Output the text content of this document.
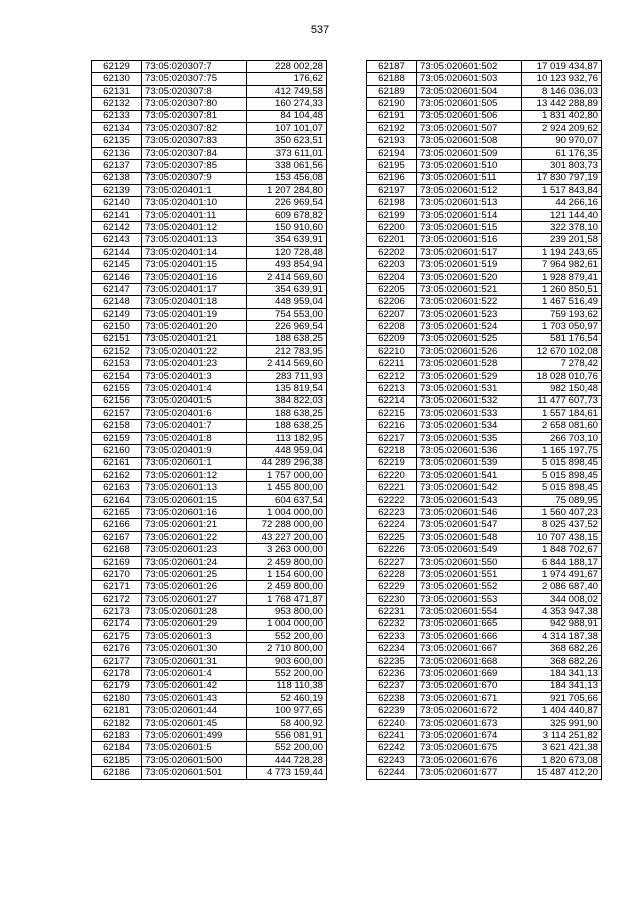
537
62129	73:05:020307:7	228 002,28
62130	73:05:020307:75	176,62
62131	73:05:020307:8	412 749,58
62132	73:05:020307:80	160 274,33
62133	73:05:020307:81	84 104,48
62134	73:05:020307:82	107 101,07
62135	73:05:020307:83	350 623,51
62136	73:05:020307:84	373 611,01
62137	73:05:020307:85	338 061,56
62138	73:05:020307:9	153 456,08
62139	73:05:020401:1	1 207 284,80
62140	73:05:020401:10	226 969,54
62141	73:05:020401:11	609 678,82
62142	73:05:020401:12	150 910,60
62143	73:05:020401:13	354 639,91
62144	73:05:020401:14	120 728,48
62145	73:05:020401:15	493 854,94
62146	73:05:020401:16	2 414 569,60
62147	73:05:020401:17	354 639,91
62148	73:05:020401:18	448 959,04
62149	73:05:020401:19	754 553,00
62150	73:05:020401:20	226 969,54
62151	73:05:020401:21	188 638,25
62152	73:05:020401:22	212 783,95
62153	73:05:020401:23	2 414 569,60
62154	73:05:020401:3	283 711,93
62155	73:05:020401:4	135 819,54
62156	73:05:020401:5	384 822,03
62157	73:05:020401:6	188 638,25
62158	73:05:020401:7	188 638,25
62159	73:05:020401:8	113 182,95
62160	73:05:020401:9	448 959,04
62161	73:05:020601:1	44 289 296,38
62162	73:05:020601:12	1 757 000,00
62163	73:05:020601:13	1 455 800,00
62164	73:05:020601:15	604 637,54
62165	73:05:020601:16	1 004 000,00
62166	73:05:020601:21	72 288 000,00
62167	73:05:020601:22	43 227 200,00
62168	73:05:020601:23	3 263 000,00
62169	73:05:020601:24	2 459 800,00
62170	73:05:020601:25	1 154 600,00
62171	73:05:020601:26	2 459 800,00
62172	73:05:020601:27	1 768 471,87
62173	73:05:020601:28	953 800,00
62174	73:05:020601:29	1 004 000,00
62175	73:05:020601:3	552 200,00
62176	73:05:020601:30	2 710 800,00
62177	73:05:020601:31	903 600,00
62178	73:05:020601:4	552 200,00
62179	73:05:020601:42	118 110,38
62180	73:05:020601:43	52 460,19
62181	73:05:020601:44	100 977,65
62182	73:05:020601:45	58 400,92
62183	73:05:020601:499	556 081,91
62184	73:05:020601:5	552 200,00
62185	73:05:020601:500	444 728,28
62186	73:05:020601:501	4 773 159,44
62187	73:05:020601:502	17 019 434,87
62188	73:05:020601:503	10 123 932,76
62189	73:05:020601:504	8 146 036,03
62190	73:05:020601:505	13 442 288,89
62191	73:05:020601:506	1 831 402,80
62192	73:05:020601:507	2 924 209,62
62193	73:05:020601:508	90 970,07
62194	73:05:020601:509	61 176,35
62195	73:05:020601:510	301 803,73
62196	73:05:020601:511	17 830 797,19
62197	73:05:020601:512	1 517 843,84
62198	73:05:020601:513	44 266,16
62199	73:05:020601:514	121 144,40
62200	73:05:020601:515	322 378,10
62201	73:05:020601:516	239 201,58
62202	73:05:020601:517	1 194 243,65
62203	73:05:020601:519	7 964 982,61
62204	73:05:020601:520	1 928 879,41
62205	73:05:020601:521	1 260 850,51
62206	73:05:020601:522	1 467 516,49
62207	73:05:020601:523	759 193,62
62208	73:05:020601:524	1 703 050,97
62209	73:05:020601:525	581 176,54
62210	73:05:020601:526	12 670 102,08
62211	73:05:020601:528	7 278,42
62212	73:05:020601:529	18 028 010,76
62213	73:05:020601:531	982 150,48
62214	73:05:020601:532	11 477 607,73
62215	73:05:020601:533	1 557 184,61
62216	73:05:020601:534	2 658 081,60
62217	73:05:020601:535	266 703,10
62218	73:05:020601:536	1 165 197,75
62219	73:05:020601:539	5 015 898,45
62220	73:05:020601:541	5 015 898,45
62221	73:05:020601:542	5 015 898,45
62222	73:05:020601:543	75 089,95
62223	73:05:020601:546	1 560 407,23
62224	73:05:020601:547	8 025 437,52
62225	73:05:020601:548	10 707 438,15
62226	73:05:020601:549	1 848 702,67
62227	73:05:020601:550	6 844 188,17
62228	73:05:020601:551	1 974 491,67
62229	73:05:020601:552	2 086 687,40
62230	73:05:020601:553	344 008,02
62231	73:05:020601:554	4 353 947,38
62232	73:05:020601:665	942 988,91
62233	73:05:020601:666	4 314 187,38
62234	73:05:020601:667	368 682,26
62235	73:05:020601:668	368 682,26
62236	73:05:020601:669	184 341,13
62237	73:05:020601:670	184 341,13
62238	73:05:020601:671	921 705,66
62239	73:05:020601:672	1 404 440,87
62240	73:05:020601:673	325 991,90
62241	73:05:020601:674	3 114 251,82
62242	73:05:020601:675	3 621 421,38
62243	73:05:020601:676	1 820 673,08
62244	73:05:020601:677	15 487 412,20
